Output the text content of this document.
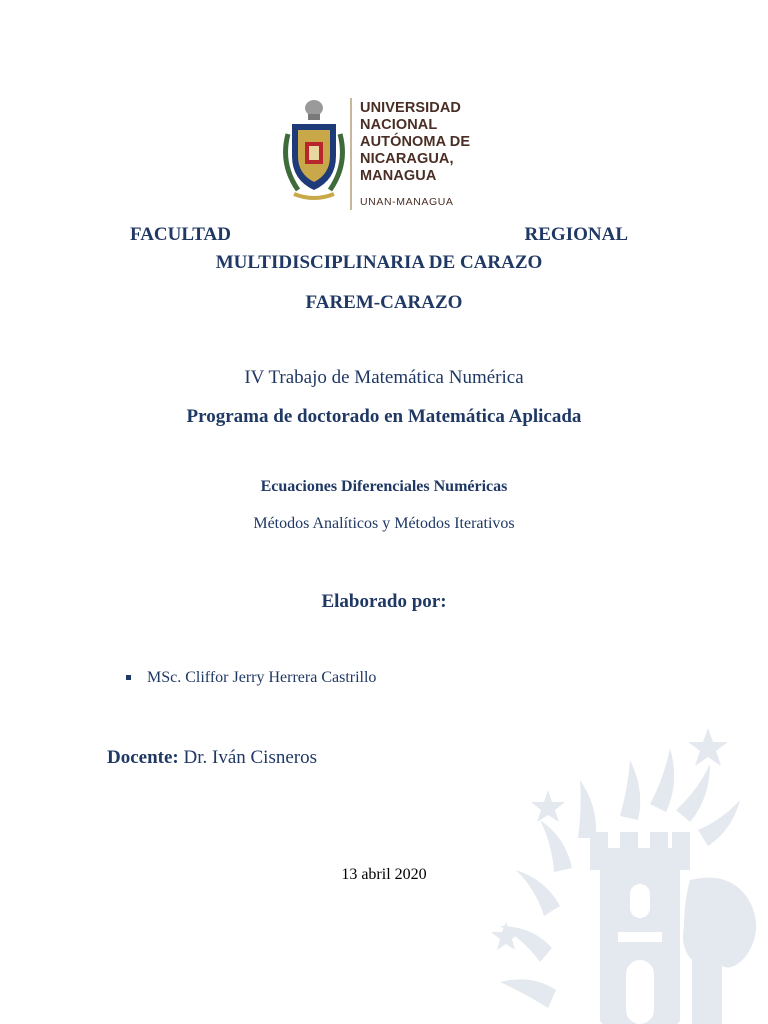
UNIVERSIDAD
NACIONAL
AUTÓNOMA DE
NICARAGUA,
MANAGUA
UNAN-MANAGUA
FACULTAD	REGIONAL
MULTIDISCIPLINARIA DE CARAZO
FAREM-CARAZO
IV Trabajo de Matemática Numérica
Programa de doctorado en Matemática Aplicada
Ecuaciones Diferenciales Numéricas
Métodos Analíticos y Métodos Iterativos
Elaborado por:
MSc. Cliffor Jerry Herrera Castrillo
Docente: Dr. Iván Cisneros
13 abril 2020
